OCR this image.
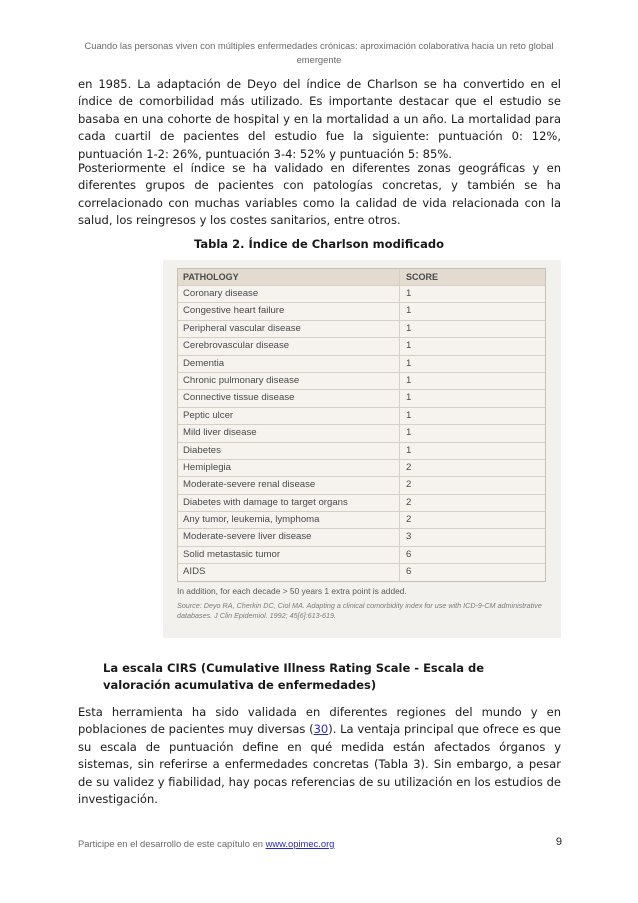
Cuando las personas viven con múltiples enfermedades crónicas: aproximación colaborativa hacia un reto global emergente

en 1985. La adaptación de Deyo del índice de Charlson se ha convertido en el índice de comorbilidad más utilizado. Es importante destacar que el estudio se basaba en una cohorte de hospital y en la mortalidad a un año. La mortalidad para cada cuartil de pacientes del estudio fue la siguiente: puntuación 0: 12%, puntuación 1-2: 26%, puntuación 3-4: 52% y puntuación 5: 85%.

Posteriormente el índice se ha validado en diferentes zonas geográficas y en diferentes grupos de pacientes con patologías concretas, y también se ha correlacionado con muchas variables como la calidad de vida relacionada con la salud, los reingresos y los costes sanitarios, entre otros.

Tabla 2. Índice de Charlson modificado
PATHOLOGY	SCORE
Coronary disease	1
Congestive heart failure	1
Peripheral vascular disease	1
Cerebrovascular disease	1
Dementia	1
Chronic pulmonary disease	1
Connective tissue disease	1
Peptic ulcer	1
Mild liver disease	1
Diabetes	1
Hemiplegia	2
Moderate-severe renal disease	2
Diabetes with damage to target organs	2
Any tumor, leukemia, lymphoma	2
Moderate-severe liver disease	3
Solid metastasic tumor	6
AIDS	6
In addition, for each decade > 50 years 1 extra point is added.
Source: Deyo RA, Cherkin DC, Ciol MA. Adapting a clinical comorbidity index for use with ICD-9-CM administrative databases. J Clin Epidemiol. 1992; 45[6]:613-619.
La escala CIRS (Cumulative Illness Rating Scale - Escala de valoración acumulativa de enfermedades)

Esta herramienta ha sido validada en diferentes regiones del mundo y en poblaciones de pacientes muy diversas (30). La ventaja principal que ofrece es que su escala de puntuación define en qué medida están afectados órganos y sistemas, sin referirse a enfermedades concretas (Tabla 3). Sin embargo, a pesar de su validez y fiabilidad, hay pocas referencias de su utilización en los estudios de investigación.

Participe en el desarrollo de este capítulo en www.opimec.org	9
